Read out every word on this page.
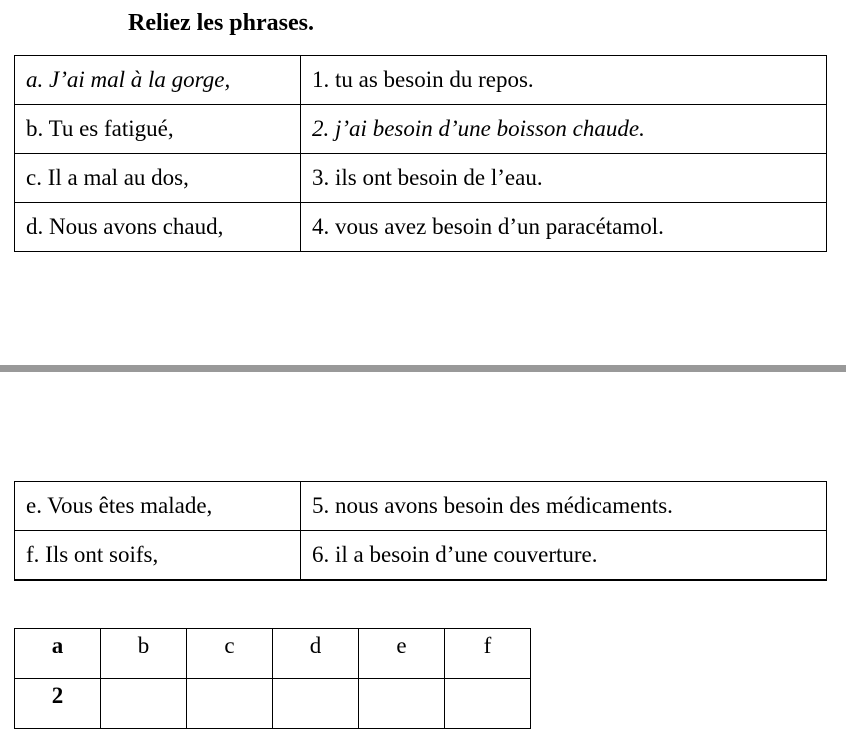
Reliez les phrases.
a. J’ai mal à la gorge,	1. tu as besoin du repos.
b. Tu es fatigué,	2. j’ai besoin d’une boisson chaude.
c. Il a mal au dos,	3. ils ont besoin de l’eau.
d. Nous avons chaud,	4. vous avez besoin d’un paracétamol.
e. Vous êtes malade,	5. nous avons besoin des médicaments.
f. Ils ont soifs,	6. il a besoin d’une couverture.
a	b	c	d	e	f
2					
